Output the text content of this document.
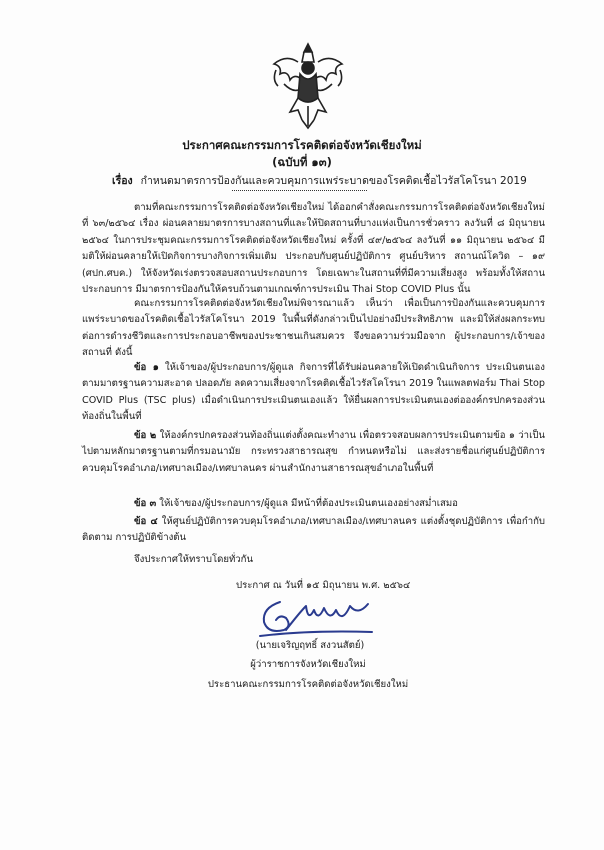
ประกาศคณะกรรมการโรคติดต่อจังหวัดเชียงใหม่
(ฉบับที่ ๑๓)
เรื่อง กำหนดมาตรการป้องกันและควบคุมการแพร่ระบาดของโรคติดเชื้อไวรัสโคโรนา 2019
ตามที่คณะกรรมการโรคติดต่อจังหวัดเชียงใหม่ ได้ออกคำสั่งคณะกรรมการโรคติดต่อจังหวัดเชียงใหม่ ที่ ๖๓/๒๕๖๔ เรื่อง ผ่อนคลายมาตรการบางสถานที่และให้ปิดสถานที่บางแห่งเป็นการชั่วคราว ลงวันที่ ๘ มิถุนายน ๒๕๖๔ ในการประชุมคณะกรรมการโรคติดต่อจังหวัดเชียงใหม่ ครั้งที่ ๔๙/๒๕๖๔ ลงวันที่ ๑๑ มิถุนายน ๒๕๖๔ มีมติให้ผ่อนคลายให้เปิดกิจการบางกิจการเพิ่มเติม ประกอบกับศูนย์ปฏิบัติการ ศูนย์บริหาร สถานณ์โควิด – ๑๙ (ศปก.ศบค.) ให้จังหวัดเร่งตรวจสอบสถานประกอบการ โดยเฉพาะในสถานที่ที่มีความเสี่ยงสูง พร้อมทั้งให้สถานประกอบการ มีมาตรการป้องกันให้ครบถ้วนตามเกณฑ์การประเมิน Thai Stop COVID Plus นั้น
คณะกรรมการโรคติดต่อจังหวัดเชียงใหม่พิจารณาแล้ว เห็นว่า เพื่อเป็นการป้องกันและควบคุมการแพร่ระบาดของโรคติดเชื้อไวรัสโคโรนา 2019 ในพื้นที่ดังกล่าวเป็นไปอย่างมีประสิทธิภาพ และมิให้ส่งผลกระทบต่อการดำรงชีวิตและการประกอบอาชีพของประชาชนเกินสมควร จึงขอความร่วมมือจาก ผู้ประกอบการ/เจ้าของสถานที่ ดังนี้
ข้อ ๑ ให้เจ้าของ/ผู้ประกอบการ/ผู้ดูแล กิจการที่ได้รับผ่อนคลายให้เปิดดำเนินกิจการ ประเมินตนเองตามมาตรฐานความสะอาด ปลอดภัย ลดความเสี่ยงจากโรคติดเชื้อไวรัสโคโรนา 2019 ในแพลตฟอร์ม Thai Stop COVID Plus (TSC plus) เมื่อดำเนินการประเมินตนเองแล้ว ให้ยื่นผลการประเมินตนเองต่อองค์กรปกครองส่วนท้องถิ่นในพื้นที่
ข้อ ๒ ให้องค์กรปกครองส่วนท้องถิ่นแต่งตั้งคณะทำงาน เพื่อตรวจสอบผลการประเมินตามข้อ ๑ ว่าเป็นไปตามหลักมาตรฐานตามที่กรมอนามัย กระทรวงสาธารณสุข กำหนดหรือไม่ และส่งรายชื่อแก่ศูนย์ปฏิบัติการควบคุมโรคอำเภอ/เทศบาลเมือง/เทศบาลนคร ผ่านสำนักงานสาธารณสุขอำเภอในพื้นที่
ข้อ ๓ ให้เจ้าของ/ผู้ประกอบการ/ผู้ดูแล มีหน้าที่ต้องประเมินตนเองอย่างสม่ำเสมอ
ข้อ ๔ ให้ศูนย์ปฏิบัติการควบคุมโรคอำเภอ/เทศบาลเมือง/เทศบาลนคร แต่งตั้งชุดปฏิบัติการ เพื่อกำกับ ติดตาม การปฏิบัติข้างต้น
จึงประกาศให้ทราบโดยทั่วกัน
ประกาศ ณ วันที่ ๑๕ มิถุนายน พ.ศ. ๒๕๖๔
(นายเจริญฤทธิ์ สงวนสัตย์)
ผู้ว่าราชการจังหวัดเชียงใหม่
ประธานคณะกรรมการโรคติดต่อจังหวัดเชียงใหม่
